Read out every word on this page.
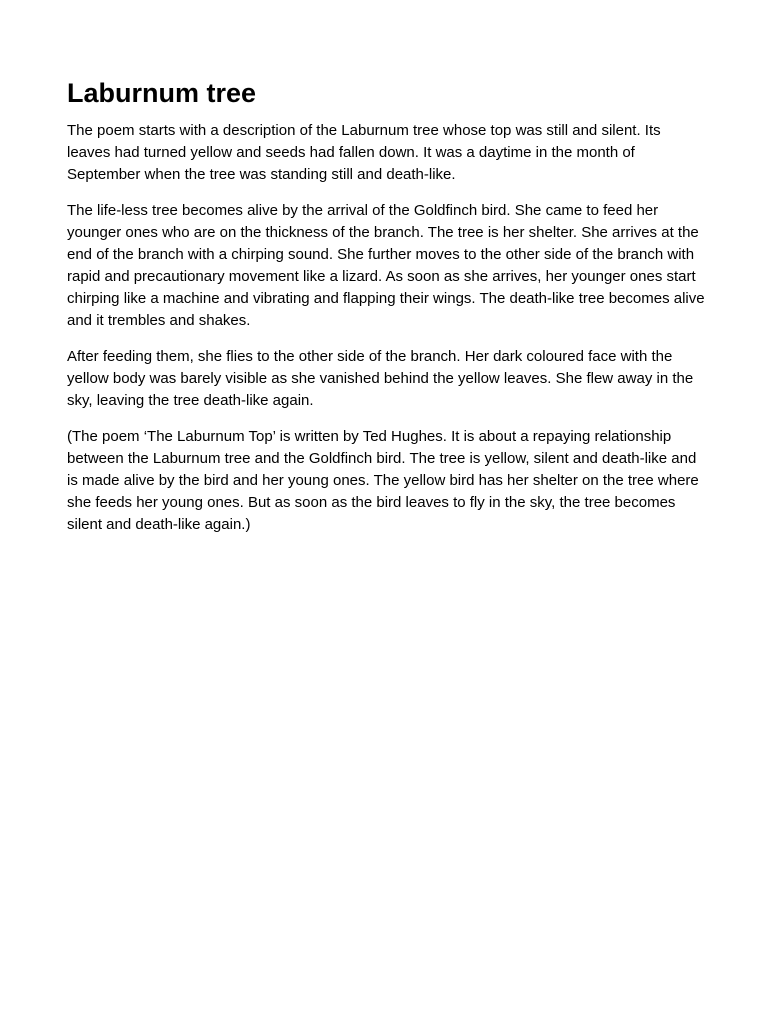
Laburnum tree

The poem starts with a description of the Laburnum tree whose top was still and silent. Its leaves had turned yellow and seeds had fallen down. It was a daytime in the month of September when the tree was standing still and death-like.

The life-less tree becomes alive by the arrival of the Goldfinch bird. She came to feed her younger ones who are on the thickness of the branch. The tree is her shelter. She arrives at the end of the branch with a chirping sound. She further moves to the other side of the branch with rapid and precautionary movement like a lizard. As soon as she arrives, her younger ones start chirping like a machine and vibrating and flapping their wings. The death-like tree becomes alive and it trembles and shakes.

After feeding them, she flies to the other side of the branch. Her dark coloured face with the yellow body was barely visible as she vanished behind the yellow leaves. She flew away in the sky, leaving the tree death-like again.

(The poem ‘The Laburnum Top’ is written by Ted Hughes. It is about a repaying relationship between the Laburnum tree and the Goldfinch bird. The tree is yellow, silent and death-like and is made alive by the bird and her young ones. The yellow bird has her shelter on the tree where she feeds her young ones. But as soon as the bird leaves to fly in the sky, the tree becomes silent and death-like again.)
